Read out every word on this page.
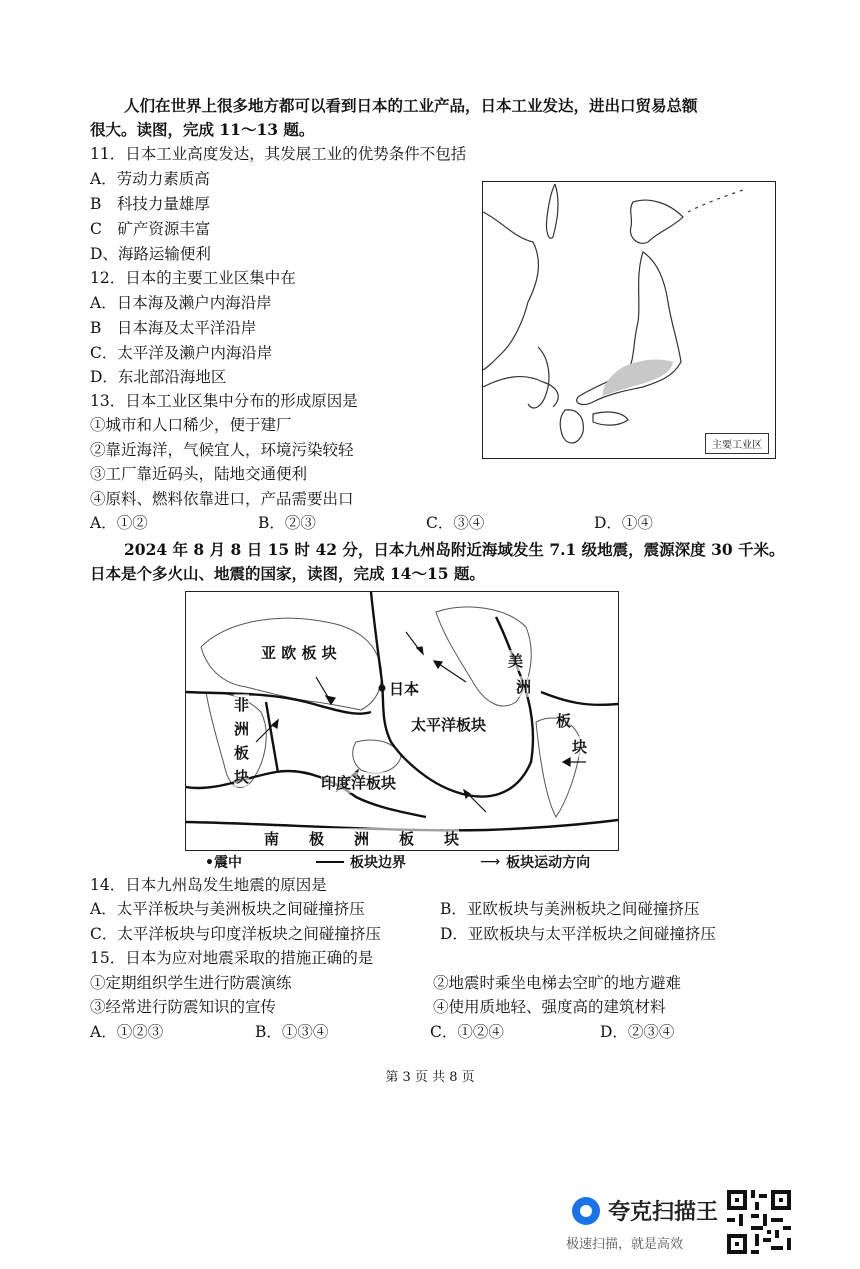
人们在世界上很多地方都可以看到日本的工业产品，日本工业发达，进出口贸易总额
很大。读图，完成 11～13 题。
11．日本工业高度发达，其发展工业的优势条件不包括
A．劳动力素质高
B　科技力量雄厚
C　矿产资源丰富
D、海路运输便利
12．日本的主要工业区集中在
A．日本海及濑户内海沿岸
B　日本海及太平洋沿岸
C．太平洋及濑户内海沿岸
D．东北部沿海地区
13．日本工业区集中分布的形成原因是
①城市和人口稀少，便于建厂
②靠近海洋，气候宜人，环境污染较轻
③工厂靠近码头，陆地交通便利
④原料、燃料依靠进口，产品需要出口
A．①②	B．②③	C．③④	D．①④
主要工业区
2024 年 8 月 8 日 15 时 42 分，日本九州岛附近海域发生 7.1 级地震，震源深度 30 千米。
日本是个多火山、地震的国家，读图，完成 14～15 题。
亚 欧 板 块	美
洲
板
块
日本
太平洋板块
非
洲
板
块	印度洋板块
南　　极　　洲　　板　　块
•震中	板块边界	⟶ 板块运动方向
14．日本九州岛发生地震的原因是
A．太平洋板块与美洲板块之间碰撞挤压	B．亚欧板块与美洲板块之间碰撞挤压
C．太平洋板块与印度洋板块之间碰撞挤压	D．亚欧板块与太平洋板块之间碰撞挤压
15．日本为应对地震采取的措施正确的是
①定期组织学生进行防震演练	②地震时乘坐电梯去空旷的地方避难
③经常进行防震知识的宣传	④使用质地轻、强度高的建筑材料
A．①②③	B．①③④	C．①②④	D．②③④
第 3 页 共 8 页
夸克扫描王
极速扫描，就是高效
